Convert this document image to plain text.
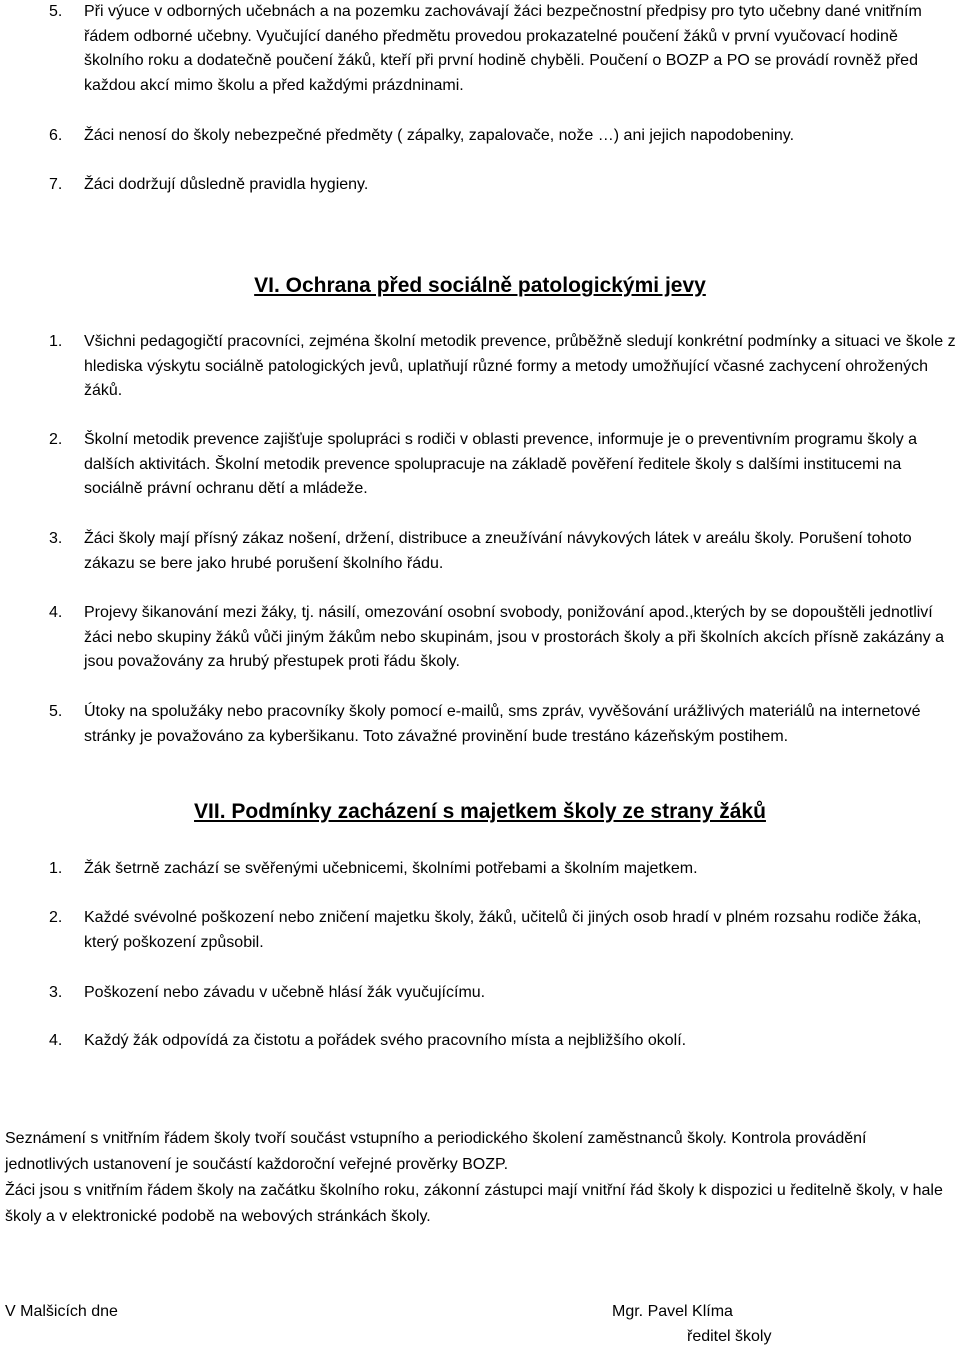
5. Při výuce v odborných učebnách a na pozemku zachovávají žáci bezpečnostní předpisy pro tyto učebny dané vnitřním řádem odborné učebny. Vyučující daného předmětu provedou prokazatelné poučení žáků v první vyučovací hodině školního roku a dodatečně poučení žáků, kteří při první hodině chyběli. Poučení o BOZP a PO se provádí rovněž před každou akcí mimo školu a před každými prázdninami.
6. Žáci nenosí do školy nebezpečné předměty ( zápalky, zapalovače, nože …) ani jejich napodobeniny.
7. Žáci dodržují důsledně pravidla hygieny.
VI. Ochrana před sociálně patologickými jevy
1. Všichni pedagogičtí pracovníci, zejména školní metodik prevence, průběžně sledují konkrétní podmínky a situaci ve škole z hlediska výskytu sociálně patologických jevů, uplatňují různé formy a metody umožňující včasné zachycení ohrožených žáků.
2. Školní metodik prevence zajišťuje spolupráci s rodiči v oblasti prevence, informuje je o preventivním programu školy a dalších aktivitách. Školní metodik prevence spolupracuje na základě pověření ředitele školy s dalšími institucemi na sociálně právní ochranu dětí a mládeže.
3. Žáci školy mají přísný zákaz nošení, držení, distribuce a zneužívání návykových látek v areálu školy. Porušení tohoto zákazu se bere jako hrubé porušení školního řádu.
4. Projevy šikanování mezi žáky, tj. násilí, omezování osobní svobody, ponižování apod.,kterých by se dopouštěli jednotliví žáci nebo skupiny žáků vůči jiným žákům nebo skupinám, jsou v prostorách školy a při školních akcích přísně zakázány a jsou považovány za hrubý přestupek proti řádu školy.
5. Útoky na spolužáky nebo pracovníky školy pomocí e-mailů, sms zpráv, vyvěšování urážlivých materiálů na internetové stránky je považováno za kyberšikanu. Toto závažné provinění bude trestáno kázeňským postihem.
VII. Podmínky zacházení s majetkem školy ze strany žáků
1. Žák šetrně zachází se svěřenými učebnicemi, školními potřebami a školním majetkem.
2. Každé svévolné poškození nebo zničení majetku školy, žáků, učitelů či jiných osob hradí v plném rozsahu rodiče žáka, který poškození způsobil.
3. Poškození nebo závadu v učebně hlásí žák vyučujícímu.
4. Každý žák odpovídá za čistotu a pořádek svého pracovního místa a nejbližšího okolí.
Seznámení s vnitřním řádem školy tvoří součást vstupního a periodického školení zaměstnanců školy. Kontrola provádění jednotlivých ustanovení je součástí každoroční veřejné prověrky BOZP.
Žáci jsou s vnitřním řádem školy na začátku školního roku, zákonní zástupci mají vnitřní řád školy k dispozici u ředitelně školy, v hale školy a v elektronické podobě na webových stránkách školy.
V Malšicích dne	Mgr. Pavel Klíma
ředitel školy
